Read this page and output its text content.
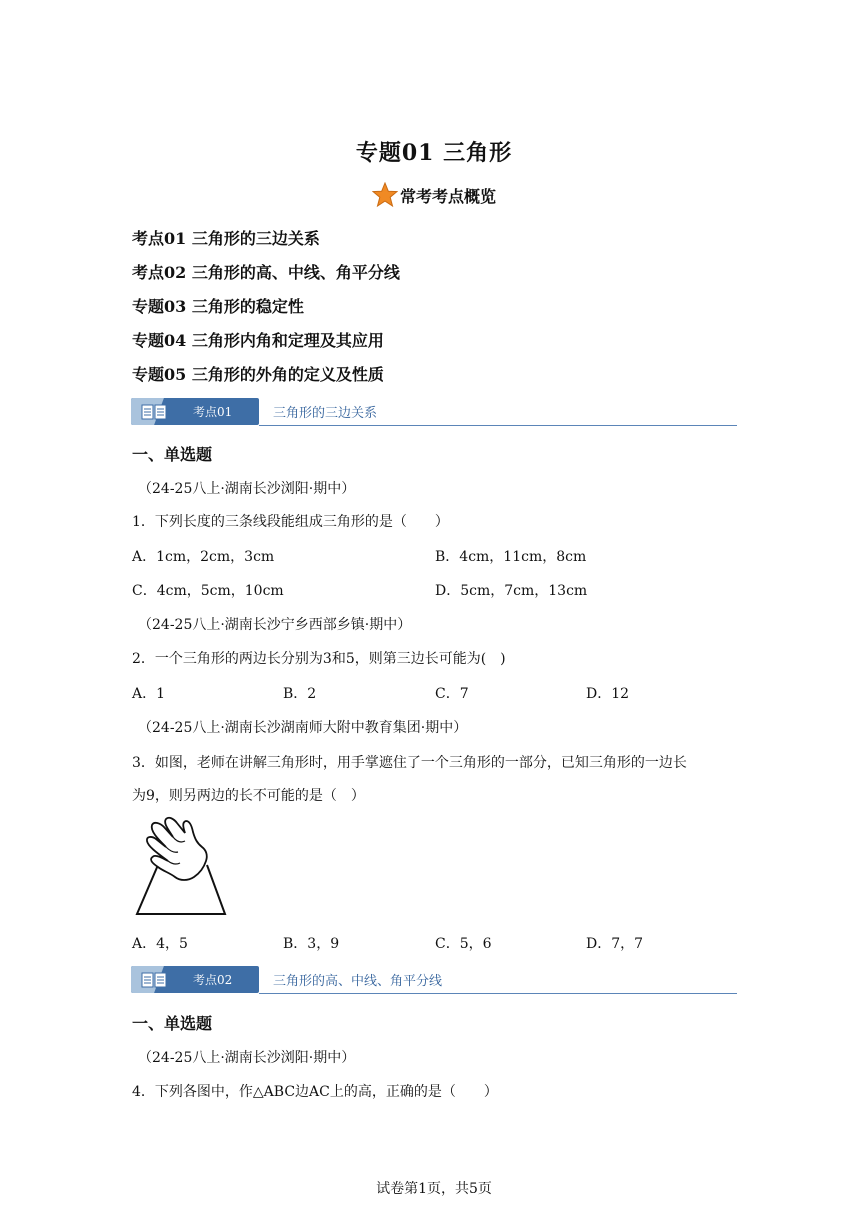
专题01 三角形
常考考点概览
考点01 三角形的三边关系
考点02 三角形的高、中线、角平分线
专题03 三角形的稳定性
专题04 三角形内角和定理及其应用
专题05 三角形的外角的定义及性质
考点01	三角形的三边关系
一、单选题
（24-25八上·湖南长沙浏阳·期中）
1．下列长度的三条线段能组成三角形的是（　　）
A．1cm，2cm，3cm	B．4cm，11cm，8cm
C．4cm，5cm，10cm	D．5cm，7cm，13cm
（24-25八上·湖南长沙宁乡西部乡镇·期中）
2．一个三角形的两边长分别为3和5，则第三边长可能为(　)
A．1	B．2	C．7	D．12
（24-25八上·湖南长沙湖南师大附中教育集团·期中）
3．如图，老师在讲解三角形时，用手掌遮住了一个三角形的一部分，已知三角形的一边长
为9，则另两边的长不可能的是（　）
A．4，5	B．3，9	C．5，6	D．7，7
考点02	三角形的高、中线、角平分线
一、单选题
（24-25八上·湖南长沙浏阳·期中）
4．下列各图中，作△ABC边AC上的高，正确的是（　　）
试卷第1页，共5页
